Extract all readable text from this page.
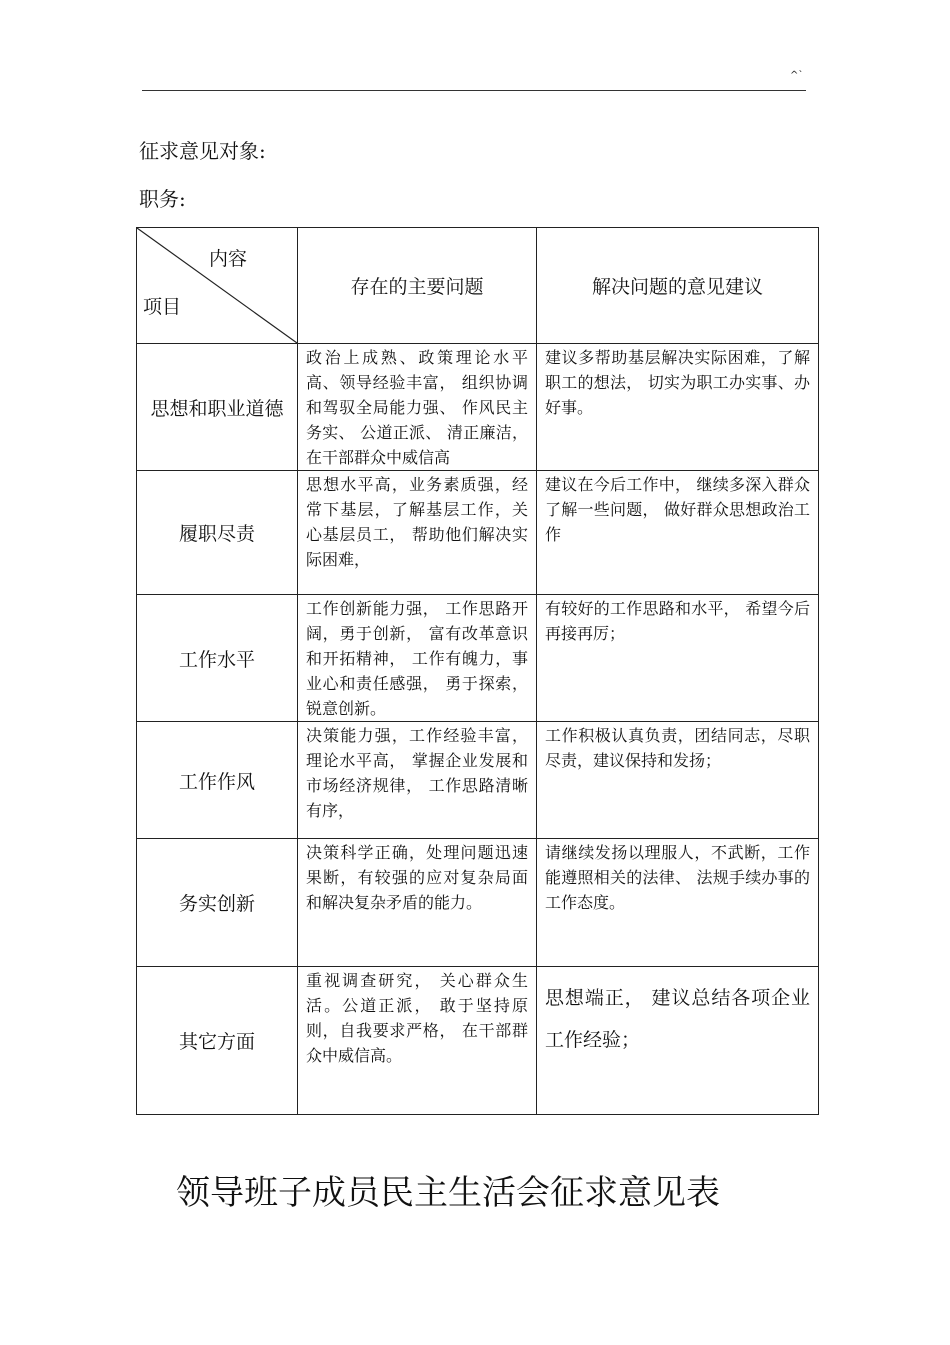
^`
征求意见对象:
职务:
内容
项目	存在的主要问题	解决问题的意见建议
思想和职业道德	政治上成熟、政策理论水平高、领导经验丰富， 组织协调和驾驭全局能力强、 作风民主务实、 公道正派、 清正廉洁，在干部群众中威信高	建议多帮助基层解决实际困难，了解职工的想法， 切实为职工办实事、办好事。
履职尽责	思想水平高，业务素质强，经常下基层，了解基层工作，关心基层员工， 帮助他们解决实际困难，	建议在今后工作中， 继续多深入群众了解一些问题， 做好群众思想政治工作
工作水平	工作创新能力强， 工作思路开阔，勇于创新， 富有改革意识和开拓精神， 工作有魄力，事业心和责任感强， 勇于探索，锐意创新。	有较好的工作思路和水平， 希望今后再接再厉；
工作作风	决策能力强，工作经验丰富，理论水平高， 掌握企业发展和市场经济规律， 工作思路清晰有序，	工作积极认真负责，团结同志，尽职尽责，建议保持和发扬；
务实创新	决策科学正确，处理问题迅速果断，有较强的应对复杂局面和解决复杂矛盾的能力。	请继续发扬以理服人，不武断，工作能遵照相关的法律、 法规手续办事的工作态度。
其它方面	重视调查研究， 关心群众生活。公道正派， 敢于坚持原则，自我要求严格， 在干部群众中威信高。	思想端正， 建议总结各项企业工作经验；
领导班子成员民主生活会征求意见表
